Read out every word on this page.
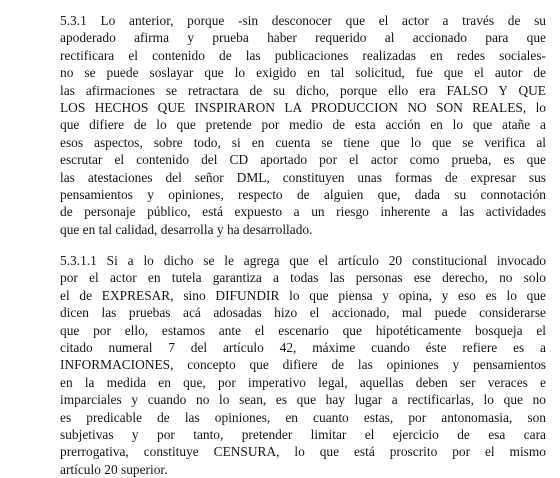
5.3.1 Lo anterior, porque -sin desconocer que el actor a través de su
apoderado afirma y prueba haber requerido al accionado para que
rectificara el contenido de las publicaciones realizadas en redes sociales-
no se puede soslayar que lo exigido en tal solicitud, fue que el autor de
las afirmaciones se retractara de su dicho, porque ello era FALSO Y QUE
LOS HECHOS QUE INSPIRARON LA PRODUCCION NO SON REALES, lo
que difiere de lo que pretende por medio de esta acción en lo que atañe a
esos aspectos, sobre todo, si en cuenta se tiene que lo que se verifica al
escrutar el contenido del CD aportado por el actor como prueba, es que
las atestaciones del señor DML, constituyen unas formas de expresar sus
pensamientos y opiniones, respecto de alguien que, dada su connotación
de personaje público, está expuesto a un riesgo inherente a las actividades
que en tal calidad, desarrolla y ha desarrollado.

5.3.1.1 Si a lo dicho se le agrega que el artículo 20 constitucional invocado
por el actor en tutela garantiza a todas las personas ese derecho, no solo
el de EXPRESAR, sino DIFUNDIR lo que piensa y opina, y eso es lo que
dicen las pruebas acá adosadas hizo el accionado, mal puede considerarse
que por ello, estamos ante el escenario que hipotéticamente bosqueja el
citado numeral 7 del artículo 42, máxime cuando éste refiere es a
INFORMACIONES, concepto que difiere de las opiniones y pensamientos
en la medida en que, por imperativo legal, aquellas deben ser veraces e
imparciales y cuando no lo sean, es que hay lugar a rectificarlas, lo que no
es predicable de las opiniones, en cuanto estas, por antonomasia, son
subjetivas y por tanto, pretender limitar el ejercicio de esa cara
prerrogativa, constituye CENSURA, lo que está proscrito por el mismo
artículo 20 superior.
